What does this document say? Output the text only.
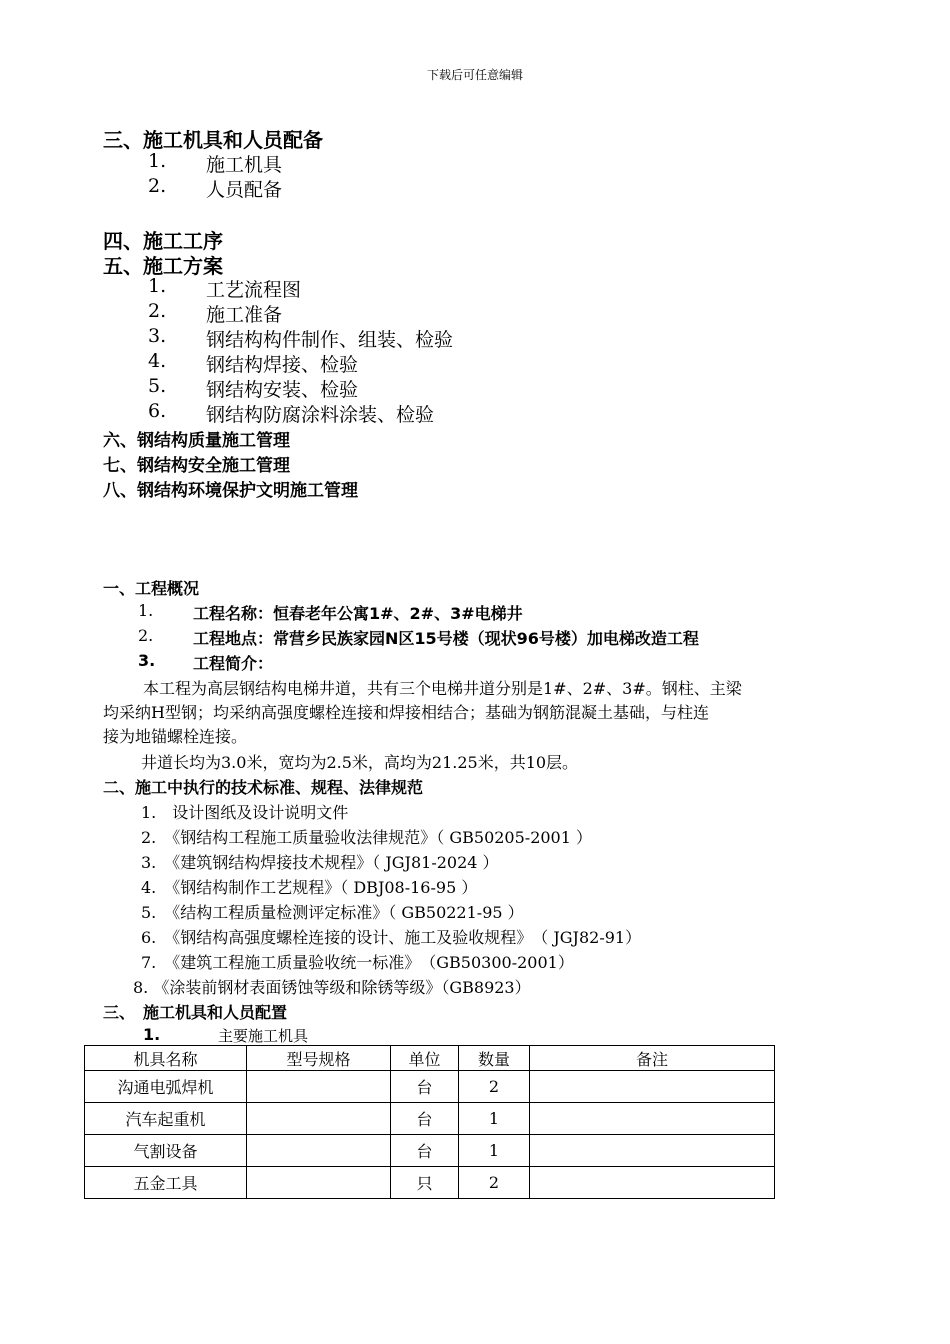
下载后可任意编辑
三、施工机具和人员配备
1. 施工机具
2. 人员配备
四、施工工序
五、施工方案
1. 工艺流程图
2. 施工准备
3. 钢结构构件制作、组装、检验
4. 钢结构焊接、检验
5. 钢结构安装、检验
6. 钢结构防腐涂料涂装、检验
六、钢结构质量施工管理
七、钢结构安全施工管理
八、钢结构环境保护文明施工管理
一、工程概况
1. 工程名称：恒春老年公寓1#、2#、3#电梯井
2. 工程地点：常营乡民族家园N区15号楼（现状96号楼）加电梯改造工程
3. 工程简介：
本工程为高层钢结构电梯井道，共有三个电梯井道分别是1#、2#、3#。钢柱、主梁
均采纳H型钢；均采纳高强度螺栓连接和焊接相结合；基础为钢筋混凝土基础，与柱连
接为地锚螺栓连接。
井道长均为3.0米，宽均为2.5米，高均为21.25米，共10层。
二、施工中执行的技术标准、规程、法律规范
1.　设计图纸及设计说明文件
2.　《钢结构工程施工质量验收法律规范》（ GB50205-2001 ）
3.　《建筑钢结构焊接技术规程》（ JGJ81-2024 ）
4.　《钢结构制作工艺规程》（ DBJ08-16-95 ）
5.　《结构工程质量检测评定标准》（ GB50221-95 ）
6.　《钢结构高强度螺栓连接的设计、施工及验收规程》　（ JGJ82-91）
7.　《建筑工程施工质量验收统一标准》　（GB50300-2001）
8. 《涂装前钢材表面锈蚀等级和除锈等级》（GB8923）
三、　施工机具和人员配置
1.	主要施工机具
机具名称	型号规格	单位	数量	备注
沟通电弧焊机		台	2	
汽车起重机		台	1	
气割设备		台	1	
五金工具		只	2	
